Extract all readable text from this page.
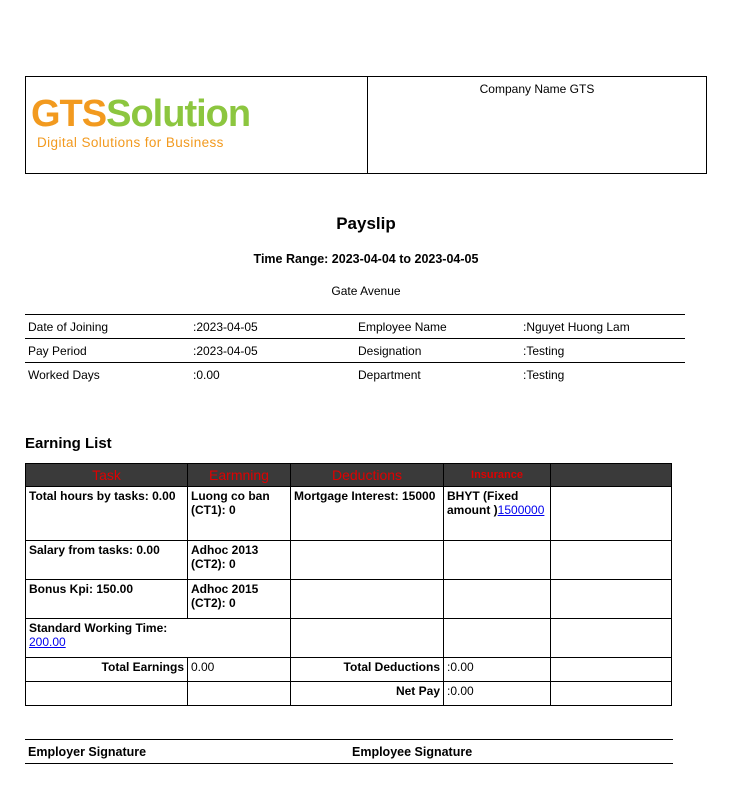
GTSSolution
Digital Solutions for Business
Company Name GTS
Payslip
Time Range: 2023-04-04 to 2023-04-05
Gate Avenue
Date of Joining	:2023-04-05	Employee Name	:Nguyet Huong Lam
Pay Period	:2023-04-05	Designation	:Testing
Worked Days	:0.00	Department	:Testing
Earning List
Task	Earmning	Deductions	Insurance	
Total hours by tasks: 0.00	Luong co ban (CT1): 0	Mortgage Interest: 15000	BHYT (Fixed amount )1500000	
Salary from tasks: 0.00	Adhoc 2013 (CT2): 0			
Bonus Kpi: 150.00	Adhoc 2015 (CT2): 0			
Standard Working Time:
200.00				
Total Earnings	0.00	Total Deductions	:0.00	
		Net Pay	:0.00	
Employer Signature	Employee Signature
